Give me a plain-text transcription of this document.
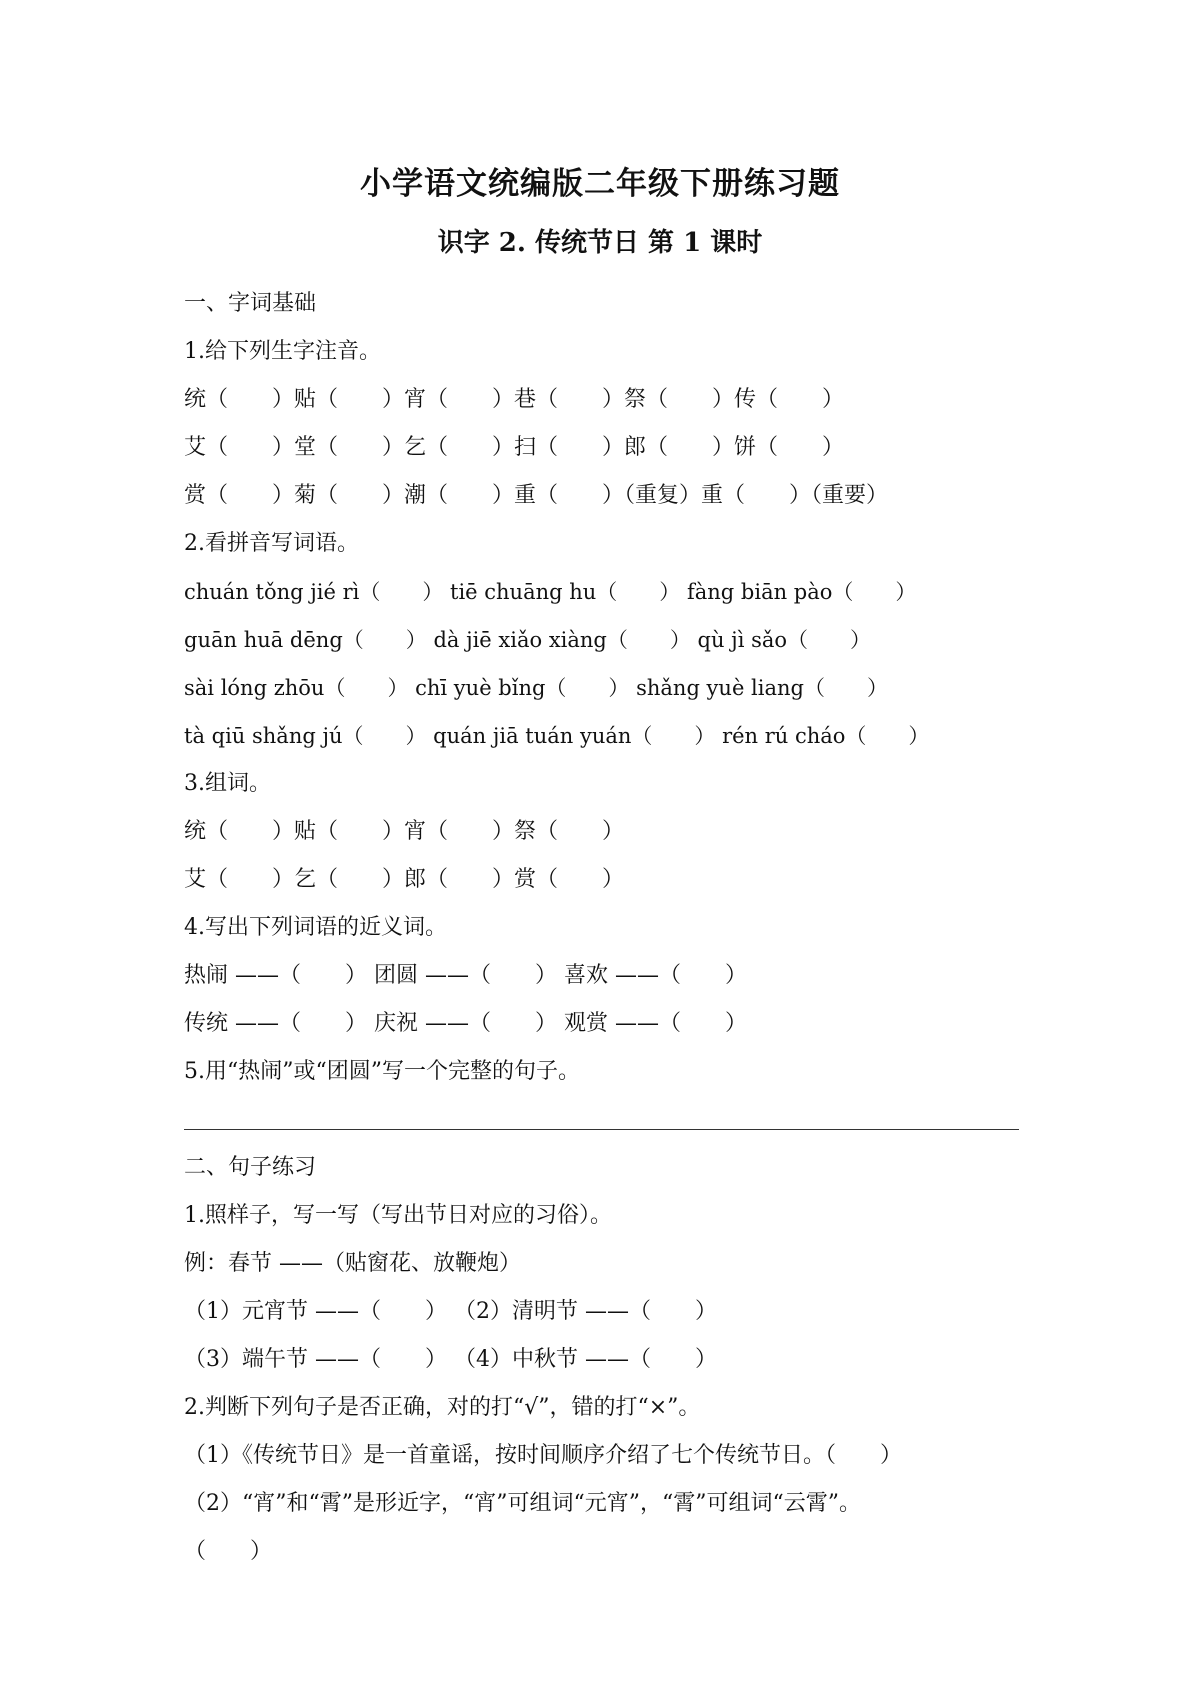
小学语文统编版二年级下册练习题
识字 2. 传统节日 第 1 课时
一、字词基础
1.给下列生字注音。
统（　　）贴（　　）宵（　　）巷（　　）祭（　　）传（　　）
艾（　　）堂（　　）乞（　　）扫（　　）郎（　　）饼（　　）
赏（　　）菊（　　）潮（　　）重（　　）（重复）重（　　）（重要）
2.看拼音写词语。
chuán tǒng jié rì（　　） tiē chuāng hu（　　） fàng biān pào（　　）
guān huā dēng（　　） dà jiē xiǎo xiàng（　　） qù jì sǎo（　　）
sài lóng zhōu（　　） chī yuè bǐng（　　） shǎng yuè liang（　　）
tà qiū shǎng jú（　　） quán jiā tuán yuán（　　） rén rú cháo（　　）
3.组词。
统（　　）贴（　　）宵（　　）祭（　　）
艾（　　）乞（　　）郎（　　）赏（　　）
4.写出下列词语的近义词。
热闹 ——（　　） 团圆 ——（　　） 喜欢 ——（　　）
传统 ——（　　） 庆祝 ——（　　） 观赏 ——（　　）
5.用“热闹”或“团圆”写一个完整的句子。
二、句子练习
1.照样子，写一写（写出节日对应的习俗）。
例：春节 ——（贴窗花、放鞭炮）
（1）元宵节 ——（　　） （2）清明节 ——（　　）
（3）端午节 ——（　　） （4）中秋节 ——（　　）
2.判断下列句子是否正确，对的打“√”，错的打“×”。
（1）《传统节日》是一首童谣，按时间顺序介绍了七个传统节日。（　　）
（2）“宵”和“霄”是形近字，“宵”可组词“元宵”，“霄”可组词“云霄”。
（　　）
